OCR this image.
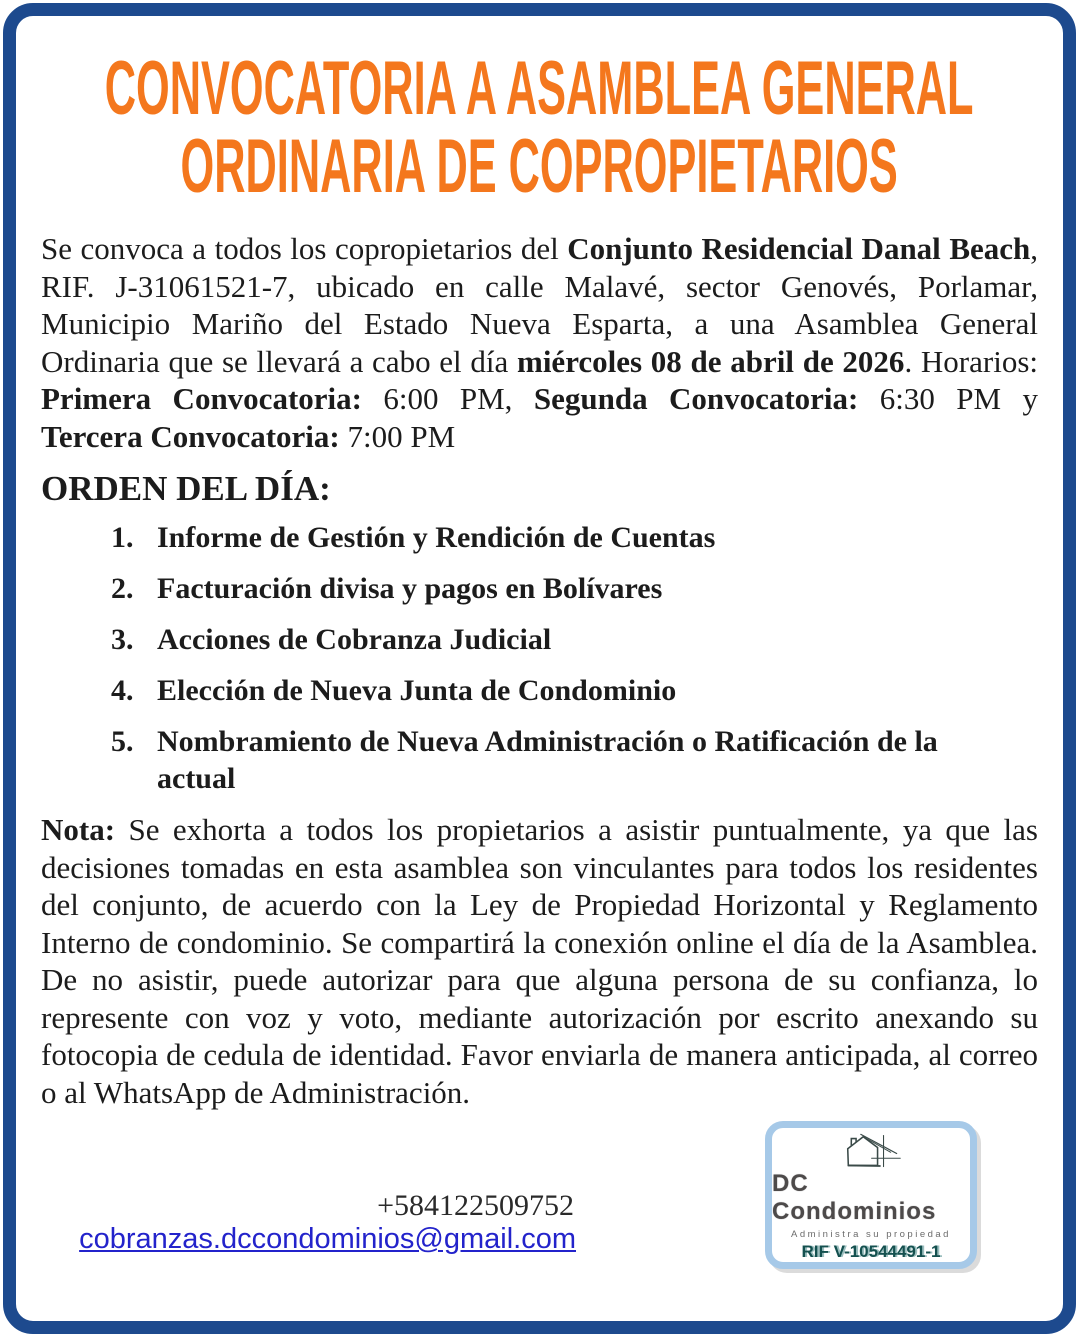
CONVOCATORIA A ASAMBLEA GENERAL
ORDINARIA DE COPROPIETARIOS

Se convoca a todos los copropietarios del Conjunto Residencial Danal Beach, RIF. J-31061521-7, ubicado en calle Malavé, sector Genovés, Porlamar, Municipio Mariño del Estado Nueva Esparta, a una Asamblea General Ordinaria que se llevará a cabo el día miércoles 08 de abril de 2026. Horarios: Primera Convocatoria: 6:00 PM, Segunda Convocatoria: 6:30 PM y Tercera Convocatoria: 7:00 PM

ORDEN DEL DÍA:
1. Informe de Gestión y Rendición de Cuentas
2. Facturación divisa y pagos en Bolívares
3. Acciones de Cobranza Judicial
4. Elección de Nueva Junta de Condominio
5. Nombramiento de Nueva Administración o Ratificación de la actual

Nota: Se exhorta a todos los propietarios a asistir puntualmente, ya que las decisiones tomadas en esta asamblea son vinculantes para todos los residentes del conjunto, de acuerdo con la Ley de Propiedad Horizontal y Reglamento Interno de condominio. Se compartirá la conexión online el día de la Asamblea. De no asistir, puede autorizar para que alguna persona de su confianza, lo represente con voz y voto, mediante autorización por escrito anexando su fotocopia de cedula de identidad. Favor enviarla de manera anticipada, al correo o al WhatsApp de Administración.

+584122509752
cobranzas.dccondominios@gmail.com
DC Condominios
Administra su propiedad
RIF V-10544491-1
